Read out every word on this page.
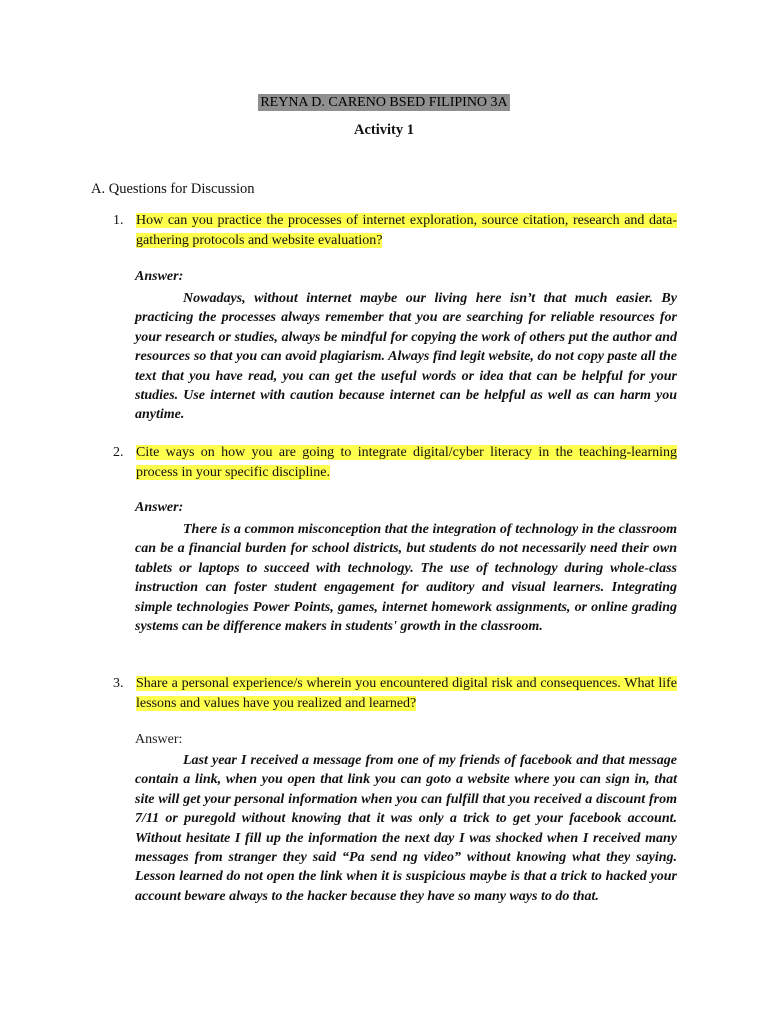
REYNA D. CARENO BSED FILIPINO 3A
Activity 1
A. Questions for Discussion
1. How can you practice the processes of internet exploration, source citation, research and data-gathering protocols and website evaluation?
Answer:

Nowadays, without internet maybe our living here isn’t that much easier. By practicing the processes always remember that you are searching for reliable resources for your research or studies, always be mindful for copying the work of others put the author and resources so that you can avoid plagiarism. Always find legit website, do not copy paste all the text that you have read, you can get the useful words or idea that can be helpful for your studies. Use internet with caution because internet can be helpful as well as can harm you anytime.

2. Cite ways on how you are going to integrate digital/cyber literacy in the teaching-learning process in your specific discipline.
Answer:

There is a common misconception that the integration of technology in the classroom can be a financial burden for school districts, but students do not necessarily need their own tablets or laptops to succeed with technology. The use of technology during whole-class instruction can foster student engagement for auditory and visual learners. Integrating simple technologies Power Points, games, internet homework assignments, or online grading systems can be difference makers in students' growth in the classroom.

3. Share a personal experience/s wherein you encountered digital risk and consequences. What life lessons and values have you realized and learned?
Answer:

Last year I received a message from one of my friends of facebook and that message contain a link, when you open that link you can goto a website where you can sign in, that site will get your personal information when you can fulfill that you received a discount from 7/11 or puregold without knowing that it was only a trick to get your facebook account. Without hesitate I fill up the information the next day I was shocked when I received many messages from stranger they said “Pa send ng video” without knowing what they saying. Lesson learned do not open the link when it is suspicious maybe is that a trick to hacked your account beware always to the hacker because they have so many ways to do that.
